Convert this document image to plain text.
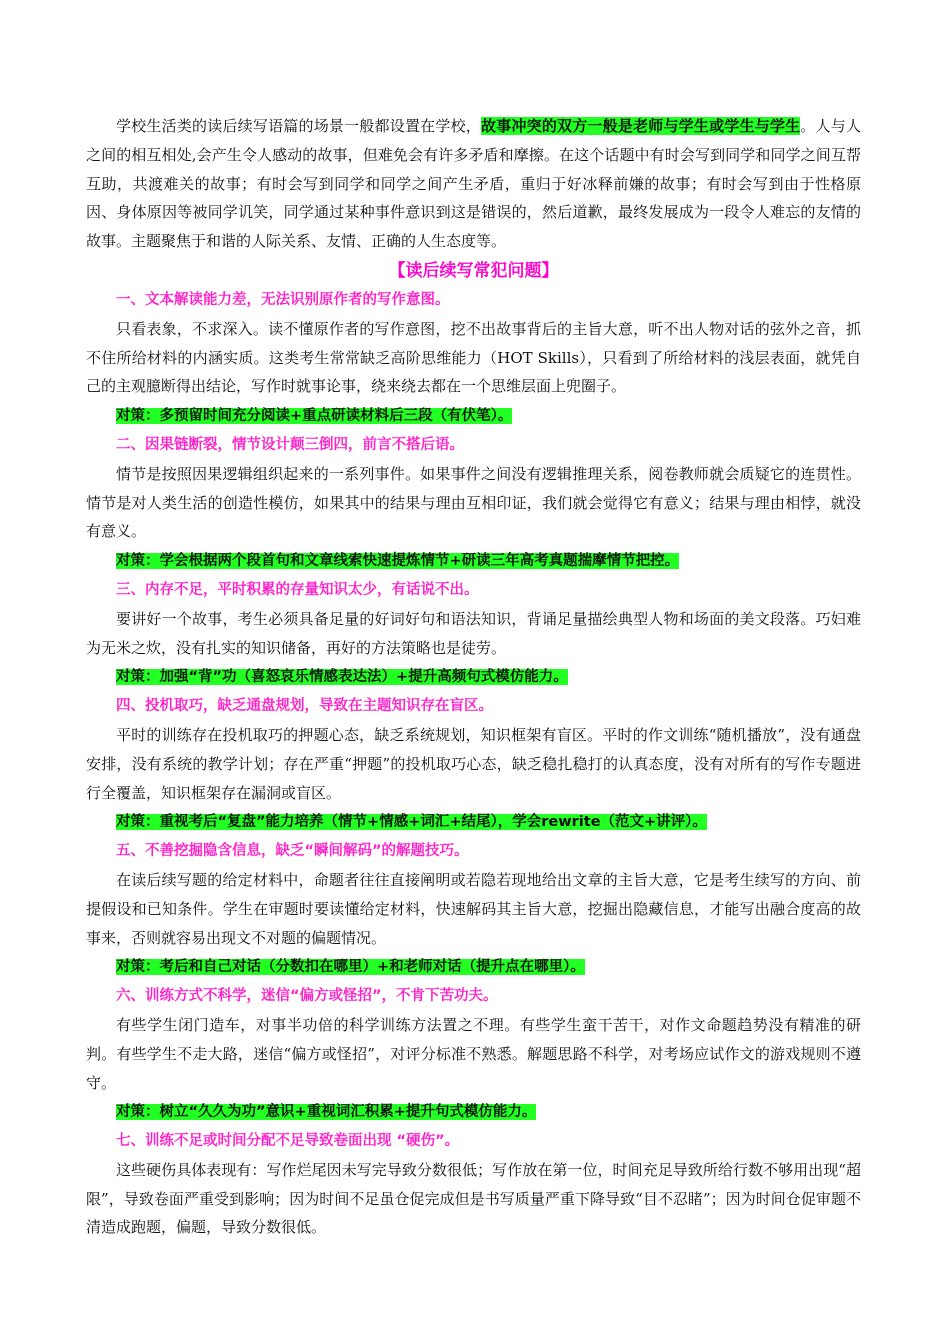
学校生活类的读后续写语篇的场景一般都设置在学校，故事冲突的双方一般是老师与学生或学生与学生。人与人之间的相互相处,会产生令人感动的故事，但难免会有许多矛盾和摩擦。在这个话题中有时会写到同学和同学之间互帮互助，共渡难关的故事；有时会写到同学和同学之间产生矛盾，重归于好冰释前嫌的故事；有时会写到由于性格原因、身体原因等被同学讥笑，同学通过某种事件意识到这是错误的，然后道歉，最终发展成为一段令人难忘的友情的故事。主题聚焦于和谐的人际关系、友情、正确的人生态度等。

【读后续写常犯问题】

一、文本解读能力差，无法识别原作者的写作意图。

只看表象，不求深入。读不懂原作者的写作意图，挖不出故事背后的主旨大意，听不出人物对话的弦外之音，抓不住所给材料的内涵实质。这类考生常常缺乏高阶思维能力（HOT Skills），只看到了所给材料的浅层表面，就凭自己的主观臆断得出结论，写作时就事论事，绕来绕去都在一个思维层面上兜圈子。

对策：多预留时间充分阅读+重点研读材料后三段（有伏笔）。

二、因果链断裂，情节设计颠三倒四，前言不搭后语。

情节是按照因果逻辑组织起来的一系列事件。如果事件之间没有逻辑推理关系，阅卷教师就会质疑它的连贯性。情节是对人类生活的创造性模仿，如果其中的结果与理由互相印证，我们就会觉得它有意义；结果与理由相悖，就没有意义。

对策：学会根据两个段首句和文章线索快速提炼情节+研读三年高考真题揣摩情节把控。

三、内存不足，平时积累的存量知识太少，有话说不出。

要讲好一个故事，考生必须具备足量的好词好句和语法知识，背诵足量描绘典型人物和场面的美文段落。巧妇难为无米之炊，没有扎实的知识储备，再好的方法策略也是徒劳。

对策：加强“背”功（喜怒哀乐情感表达法）+提升高频句式模仿能力。

四、投机取巧，缺乏通盘规划，导致在主题知识存在盲区。

平时的训练存在投机取巧的押题心态，缺乏系统规划，知识框架有盲区。平时的作文训练“随机播放”，没有通盘安排，没有系统的教学计划；存在严重“押题”的投机取巧心态，缺乏稳扎稳打的认真态度，没有对所有的写作专题进行全覆盖，知识框架存在漏洞或盲区。

对策：重视考后“复盘”能力培养（情节+情感+词汇+结尾），学会rewrite（范文+讲评）。

五、不善挖掘隐含信息，缺乏“瞬间解码”的解题技巧。

在读后续写题的给定材料中，命题者往往直接阐明或若隐若现地给出文章的主旨大意，它是考生续写的方向、前提假设和已知条件。学生在审题时要读懂给定材料，快速解码其主旨大意，挖掘出隐藏信息，才能写出融合度高的故事来，否则就容易出现文不对题的偏题情况。

对策：考后和自己对话（分数扣在哪里）+和老师对话（提升点在哪里）。

六、训练方式不科学，迷信“偏方或怪招”，不肯下苦功夫。

有些学生闭门造车，对事半功倍的科学训练方法置之不理。有些学生蛮干苦干，对作文命题趋势没有精准的研判。有些学生不走大路，迷信“偏方或怪招”，对评分标准不熟悉。解题思路不科学，对考场应试作文的游戏规则不遵守。

对策：树立“久久为功”意识+重视词汇积累+提升句式模仿能力。

七、训练不足或时间分配不足导致卷面出现 “硬伤”。

这些硬伤具体表现有：写作烂尾因未写完导致分数很低；写作放在第一位，时间充足导致所给行数不够用出现“超限”，导致卷面严重受到影响；因为时间不足虽仓促完成但是书写质量严重下降导致“目不忍睹”；因为时间仓促审题不清造成跑题，偏题，导致分数很低。
